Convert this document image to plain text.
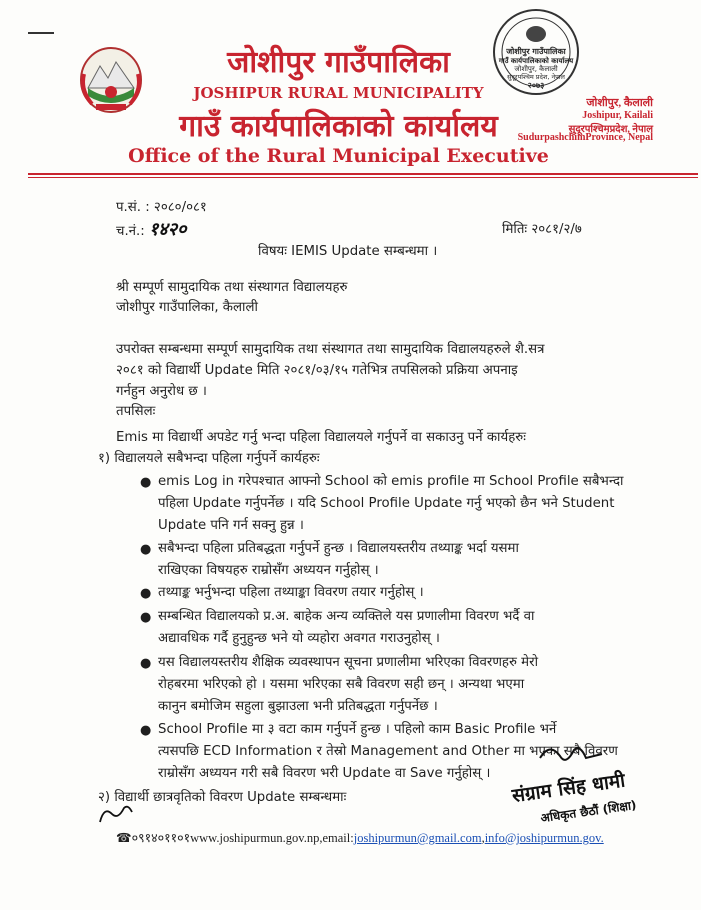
जोशीपुर गाउँपालिका
गाउँ कार्यपालिकाको कार्यालय
जोशीपुर, कैलाली
सुदूरपश्चिम प्रदेश, नेपाल
२०७३
जोशीपुर गाउँपालिका
JOSHIPUR RURAL MUNICIPALITY
गाउँ कार्यपालिकाको कार्यालय
Office of the Rural Municipal Executive
जोशीपुर, कैलाली
Joshipur, Kailali
सुदूरपश्चिमप्रदेश, नेपाल
SudurpashchimProvince, Nepal
प.सं. : २०८०/०८१
च.नं.: १४२०	मितिः २०८१/२/७
विषयः IEMIS Update सम्बन्धमा ।
श्री सम्पूर्ण सामुदायिक तथा संस्थागत विद्यालयहरु
जोशीपुर गाउँपालिका, कैलाली
उपरोक्त सम्बन्धमा सम्पूर्ण सामुदायिक तथा संस्थागत तथा सामुदायिक विद्यालयहरुले शै.सत्र
२०८१ को विद्यार्थी Update मिति २०८१/०३/१५ गतेभित्र तपसिलको प्रक्रिया अपनाइ
गर्नहुन अनुरोध छ ।
तपसिलः
Emis मा विद्यार्थी अपडेट गर्नु भन्दा पहिला विद्यालयले गर्नुपर्ने वा सकाउनु पर्ने कार्यहरुः
१) विद्यालयले सबैभन्दा पहिला गर्नुपर्ने कार्यहरुः
● emis Log in गरेपश्चात आफ्नो School को emis profile मा School Profile सबैभन्दा
पहिला Update गर्नुपर्नेछ । यदि School Profile Update गर्नु भएको छैन भने Student
Update पनि गर्न सक्नु हुन्न ।
● सबैभन्दा पहिला प्रतिबद्धता गर्नुपर्ने हुन्छ । विद्यालयस्तरीय तथ्याङ्क भर्दा यसमा
राखिएका विषयहरु राम्रोसँग अध्ययन गर्नुहोस् ।
● तथ्याङ्क भर्नुभन्दा पहिला तथ्याङ्का विवरण तयार गर्नुहोस् ।
● सम्बन्धित विद्यालयको प्र.अ. बाहेक अन्य व्यक्तिले यस प्रणालीमा विवरण भर्दै वा
अद्यावधिक गर्दै हुनुहुन्छ भने यो व्यहोरा अवगत गराउनुहोस् ।
● यस विद्यालयस्तरीय शैक्षिक व्यवस्थापन सूचना प्रणालीमा भरिएका विवरणहरु मेरो
रोहबरमा भरिएको हो । यसमा भरिएका सबै विवरण सही छन् । अन्यथा भएमा
कानुन बमोजिम सहुला बुझाउला भनी प्रतिबद्धता गर्नुपर्नेछ ।
● School Profile मा ३ वटा काम गर्नुपर्ने हुन्छ । पहिलो काम Basic Profile भर्ने
त्यसपछि ECD Information र तेस्रो Management and Other मा भएका सबै विवरण
राम्रोसँग अध्ययन गरी सबै विवरण भरी Update वा Save गर्नुहोस् ।
२) विद्यार्थी छात्रवृतिको विवरण Update सम्बन्धमाः	संग्राम सिंह धामी
अधिकृत छैठौं (शिक्षा)
☎०९१४०११०१www.joshipurmun.gov.np,email:joshipurmun@gmail.com,info@joshipurmun.gov.
